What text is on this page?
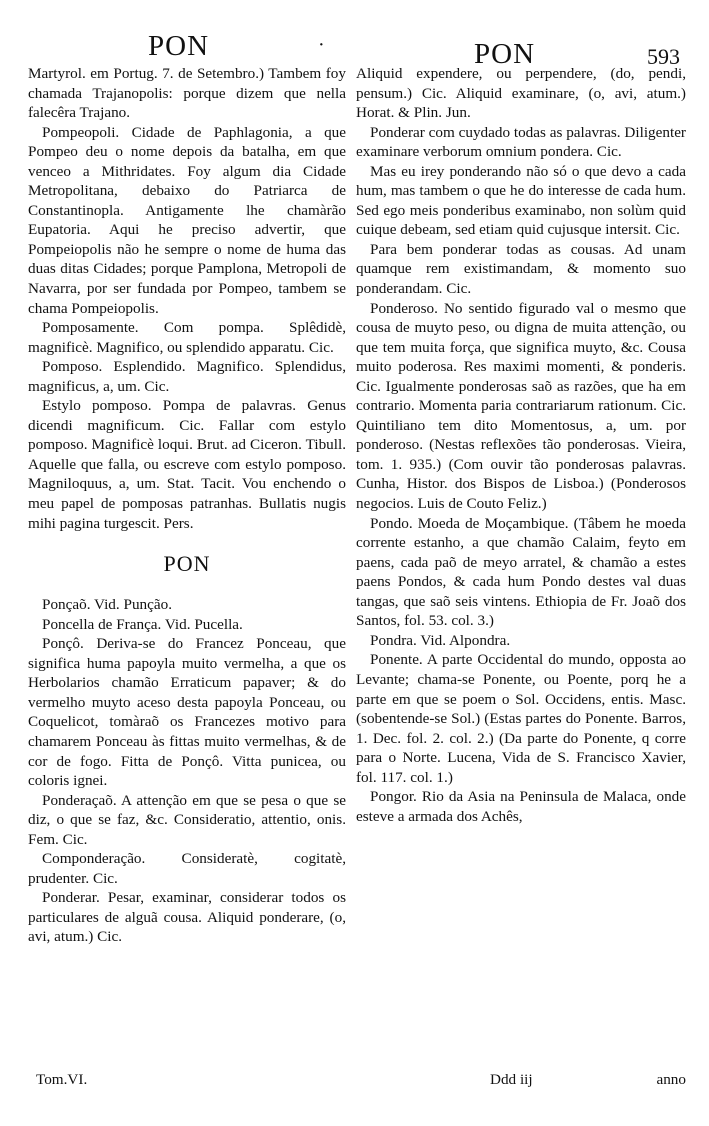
PON	·

Martyrol. em Portug. 7. de Setembro.) Tambem foy chamada Trajanopolis: porque dizem que nella falecêra Trajano.

Pompeopoli. Cidade de Paphlagonia, a que Pompeo deu o nome depois da batalha, em que venceo a Mithridates. Foy algum dia Cidade Metropolitana, debaixo do Patriarca de Constantinopla. Antigamente lhe chamàrão Eupatoria. Aqui he preciso advertir, que Pompeiopolis não he sempre o nome de huma das duas ditas Cidades; porque Pamplona, Metropoli de Navarra, por ser fundada por Pompeo, tambem se chama Pompeiopolis.

Pomposamente. Com pompa. Splêdidè, magnificè. Magnifico, ou splendido apparatu. Cic.

Pomposo. Esplendido. Magnifico. Splendidus, magnificus, a, um. Cic.

Estylo pomposo. Pompa de palavras. Genus dicendi magnificum. Cic. Fallar com estylo pomposo. Magnificè loqui. Brut. ad Ciceron. Tibull. Aquelle que falla, ou escreve com estylo pomposo. Magniloquus, a, um. Stat. Tacit. Vou enchendo o meu papel de pomposas patranhas. Bullatis nugis mihi pagina turgescit. Pers.

PON

Ponçaõ. Vid. Punção.

Poncella de França. Vid. Pucella.

Ponçô. Deriva-se do Francez Ponceau, que significa huma papoyla muito vermelha, a que os Herbolarios chamão Erraticum papaver; & do vermelho muyto aceso desta papoyla Ponceau, ou Coquelicot, tomàraõ os Francezes motivo para chamarem Ponceau às fittas muito vermelhas, & de cor de fogo. Fitta de Ponçô. Vitta punicea, ou coloris ignei.

Ponderaçaõ. A attenção em que se pesa o que se diz, o que se faz, &c. Consideratio, attentio, onis. Fem. Cic.

Componderação. Consideratè, cogitatè, prudenter. Cic.

Ponderar. Pesar, examinar, considerar todos os particulares de alguã cousa. Aliquid ponderare, (o, avi, atum.) Cic.

PON	593

Aliquid expendere, ou perpendere, (do, pendi, pensum.) Cic. Aliquid examinare, (o, avi, atum.) Horat. & Plin. Jun.

Ponderar com cuydado todas as palavras. Diligenter examinare verborum omnium pondera. Cic.

Mas eu irey ponderando não só o que devo a cada hum, mas tambem o que he do interesse de cada hum. Sed ego meis ponderibus examinabo, non solùm quid cuique debeam, sed etiam quid cujusque intersit. Cic.

Para bem ponderar todas as cousas. Ad unam quamque rem existimandam, & momento suo ponderandam. Cic.

Ponderoso. No sentido figurado val o mesmo que cousa de muyto peso, ou digna de muita attenção, ou que tem muita força, que significa muyto, &c. Cousa muito poderosa. Res maximi momenti, & ponderis. Cic. Igualmente ponderosas saõ as razões, que ha em contrario. Momenta paria contrariarum rationum. Cic. Quintiliano tem dito Momentosus, a, um. por ponderoso. (Nestas reflexões tão ponderosas. Vieira, tom. 1. 935.) (Com ouvir tão ponderosas palavras. Cunha, Histor. dos Bispos de Lisboa.) (Ponderosos negocios. Luis de Couto Feliz.)

Pondo. Moeda de Moçambique. (Tâbem he moeda corrente estanho, a que chamão Calaim, feyto em paens, cada paõ de meyo arratel, & chamão a estes paens Pondos, & cada hum Pondo destes val duas tangas, que saõ seis vintens. Ethiopia de Fr. Joaõ dos Santos, fol. 53. col. 3.)

Pondra. Vid. Alpondra.

Ponente. A parte Occidental do mundo, opposta ao Levante; chama-se Ponente, ou Poente, porq he a parte em que se poem o Sol. Occidens, entis. Masc. (sobentende-se Sol.) (Estas partes do Ponente. Barros, 1. Dec. fol. 2. col. 2.) (Da parte do Ponente, q corre para o Norte. Lucena, Vida de S. Francisco Xavier, fol. 117. col. 1.)

Pongor. Rio da Asia na Peninsula de Malaca, onde esteve a armada dos Achês,

Tom.VI.	Ddd iij	anno
